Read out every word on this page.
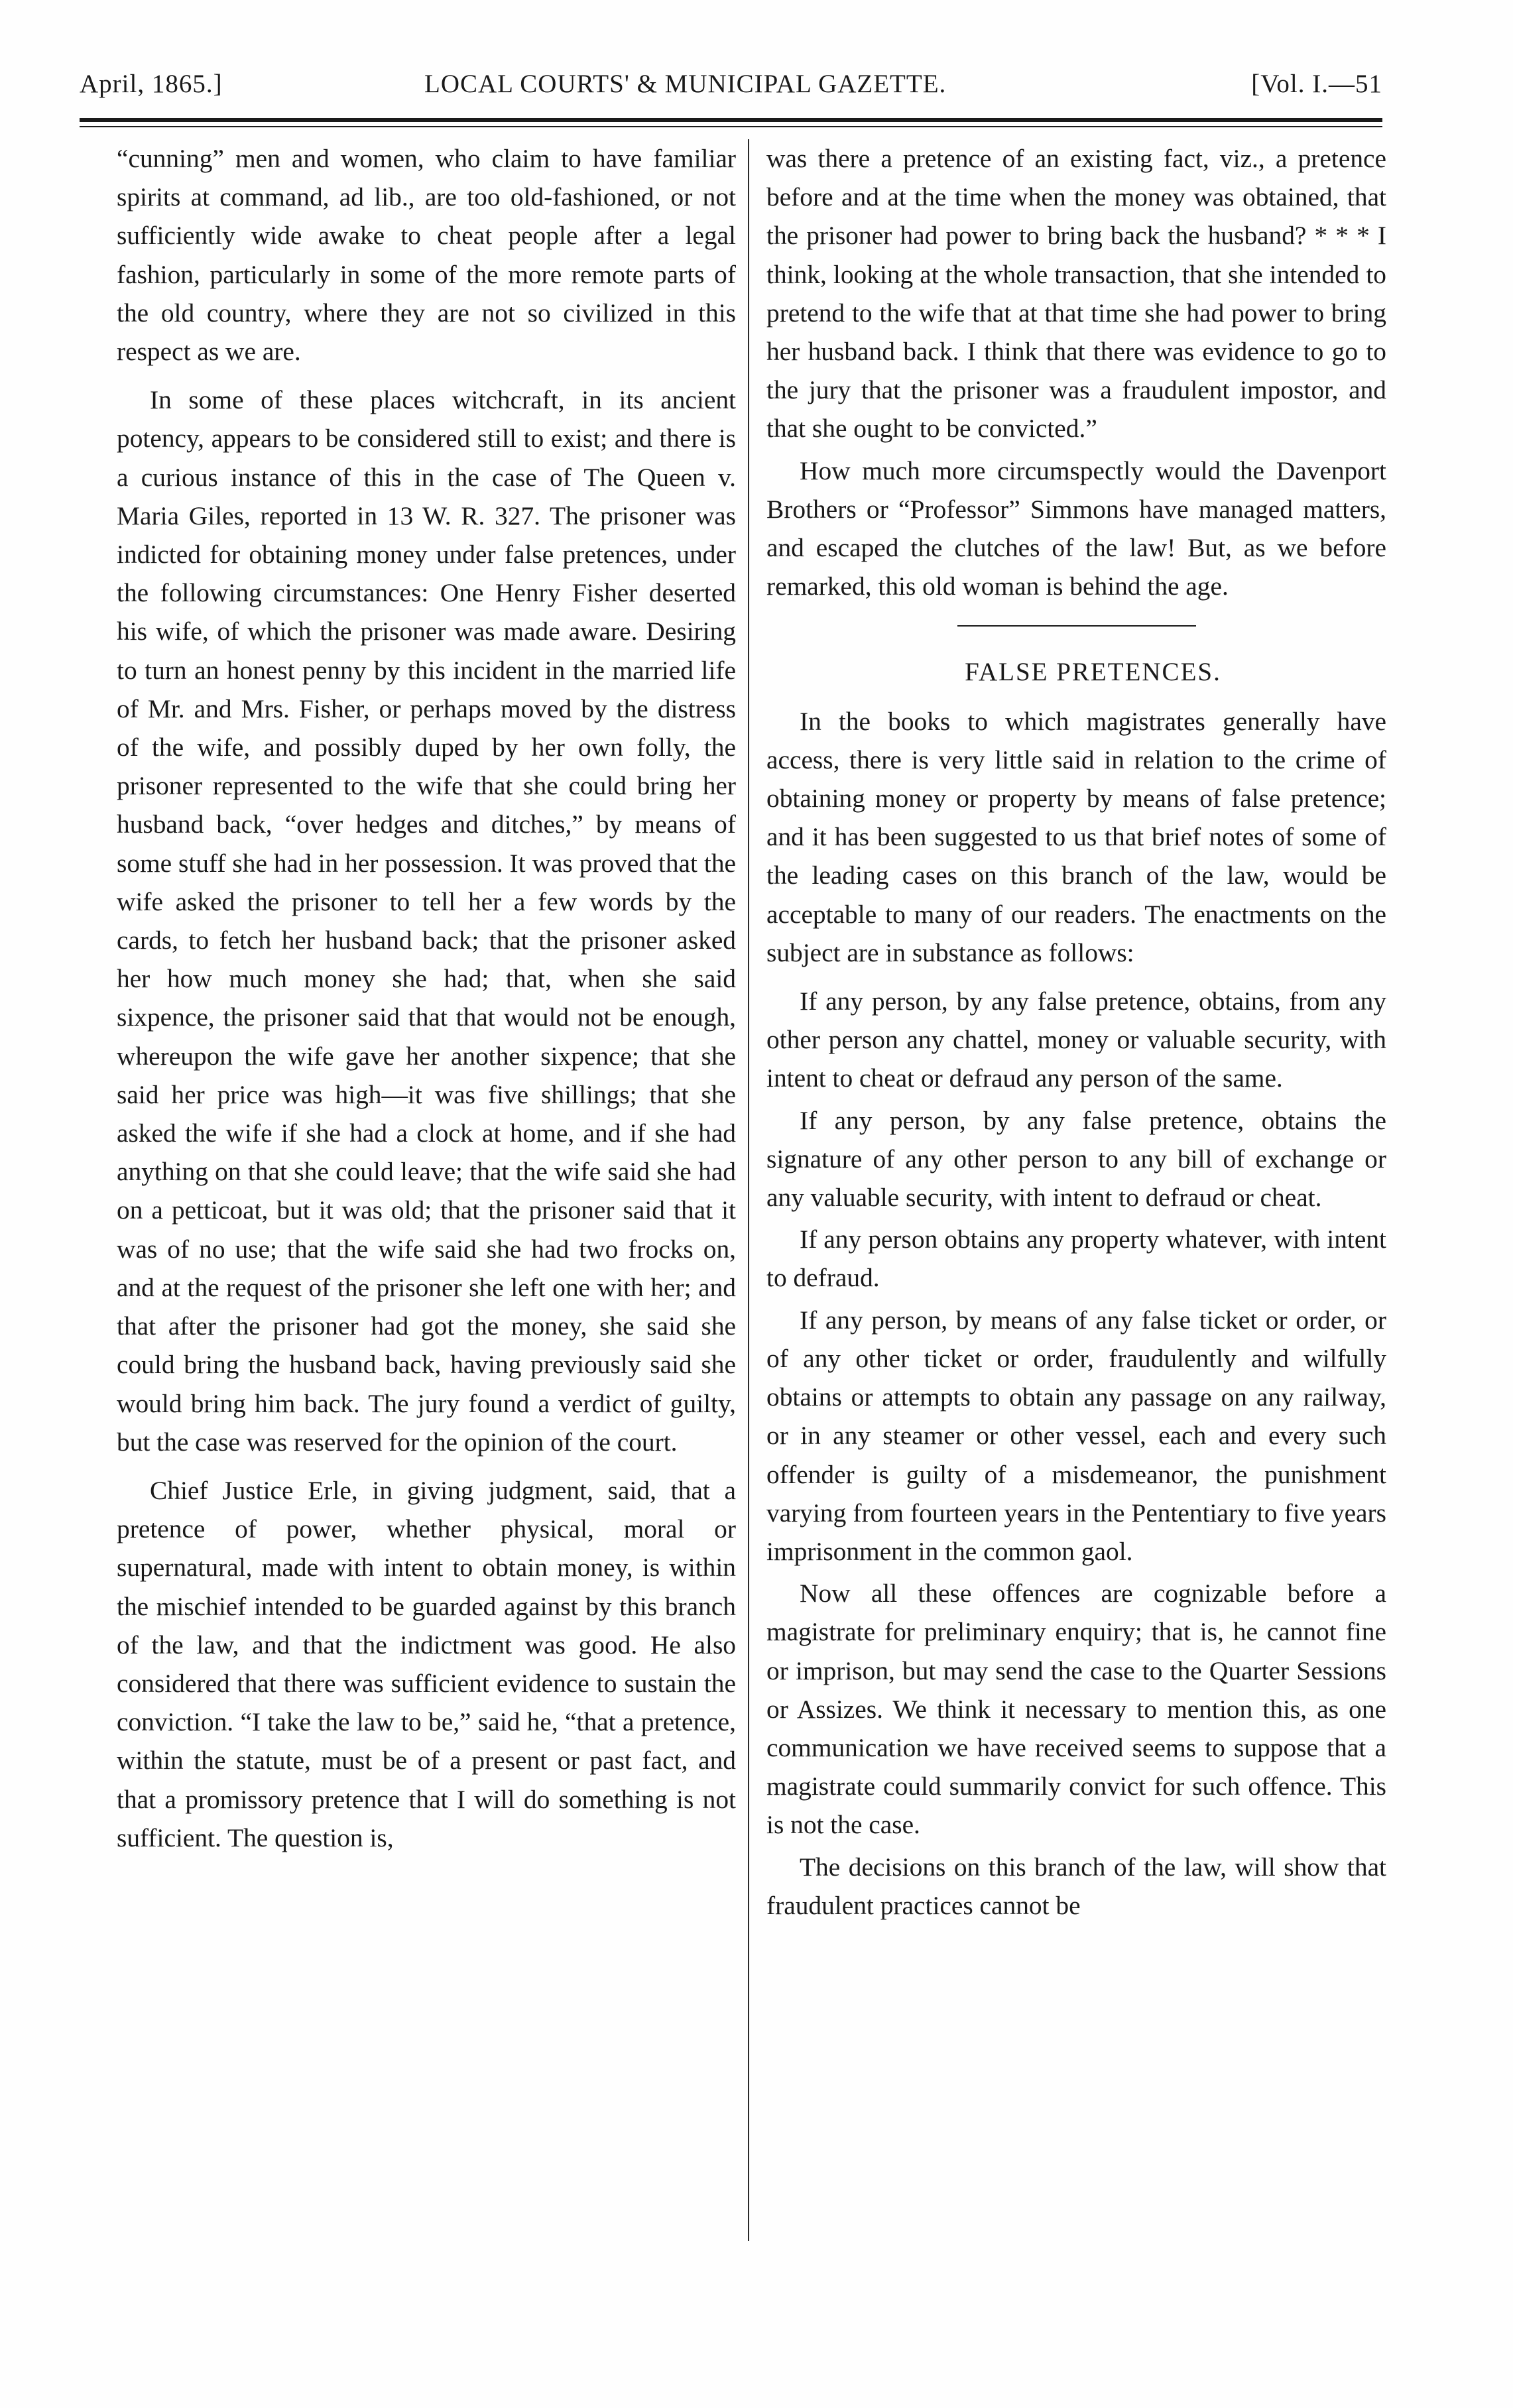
April, 1865.]	LOCAL COURTS' & MUNICIPAL GAZETTE.	[Vol. I.—51

“cunning” men and women, who claim to have familiar spirits at command, ad lib., are too old-fashioned, or not sufficiently wide awake to cheat people after a legal fashion, particularly in some of the more remote parts of the old country, where they are not so civilized in this respect as we are.

In some of these places witchcraft, in its ancient potency, appears to be considered still to exist; and there is a curious instance of this in the case of The Queen v. Maria Giles, reported in 13 W. R. 327. The prisoner was indicted for obtaining money under false pretences, under the following circumstances: One Henry Fisher deserted his wife, of which the prisoner was made aware. Desiring to turn an honest penny by this incident in the married life of Mr. and Mrs. Fisher, or perhaps moved by the distress of the wife, and possibly duped by her own folly, the prisoner represented to the wife that she could bring her husband back, “over hedges and ditches,” by means of some stuff she had in her possession. It was proved that the wife asked the prisoner to tell her a few words by the cards, to fetch her husband back; that the prisoner asked her how much money she had; that, when she said sixpence, the prisoner said that that would not be enough, whereupon the wife gave her another sixpence; that she said her price was high—it was five shillings; that she asked the wife if she had a clock at home, and if she had anything on that she could leave; that the wife said she had on a petticoat, but it was old; that the prisoner said that it was of no use; that the wife said she had two frocks on, and at the request of the prisoner she left one with her; and that after the prisoner had got the money, she said she could bring the husband back, having previously said she would bring him back. The jury found a verdict of guilty, but the case was reserved for the opinion of the court.

Chief Justice Erle, in giving judgment, said, that a pretence of power, whether physical, moral or supernatural, made with intent to obtain money, is within the mischief intended to be guarded against by this branch of the law, and that the indictment was good. He also considered that there was sufficient evidence to sustain the conviction. “I take the law to be,” said he, “that a pretence, within the statute, must be of a present or past fact, and that a promissory pretence that I will do something is not sufficient. The question is,

was there a pretence of an existing fact, viz., a pretence before and at the time when the money was obtained, that the prisoner had power to bring back the husband? * * * I think, looking at the whole transaction, that she intended to pretend to the wife that at that time she had power to bring her husband back. I think that there was evidence to go to the jury that the prisoner was a fraudulent impostor, and that she ought to be convicted.”

How much more circumspectly would the Davenport Brothers or “Professor” Simmons have managed matters, and escaped the clutches of the law! But, as we before remarked, this old woman is behind the age.

FALSE PRETENCES.

In the books to which magistrates generally have access, there is very little said in relation to the crime of obtaining money or property by means of false pretence; and it has been suggested to us that brief notes of some of the leading cases on this branch of the law, would be acceptable to many of our readers. The enactments on the subject are in substance as follows:

If any person, by any false pretence, obtains, from any other person any chattel, money or valuable security, with intent to cheat or defraud any person of the same.

If any person, by any false pretence, obtains the signature of any other person to any bill of exchange or any valuable security, with intent to defraud or cheat.

If any person obtains any property whatever, with intent to defraud.

If any person, by means of any false ticket or order, or of any other ticket or order, fraudulently and wilfully obtains or attempts to obtain any passage on any railway, or in any steamer or other vessel, each and every such offender is guilty of a misdemeanor, the punishment varying from fourteen years in the Pententiary to five years imprisonment in the common gaol.

Now all these offences are cognizable before a magistrate for preliminary enquiry; that is, he cannot fine or imprison, but may send the case to the Quarter Sessions or Assizes. We think it necessary to mention this, as one communication we have received seems to suppose that a magistrate could summarily convict for such offence. This is not the case.

The decisions on this branch of the law, will show that fraudulent practices cannot be
